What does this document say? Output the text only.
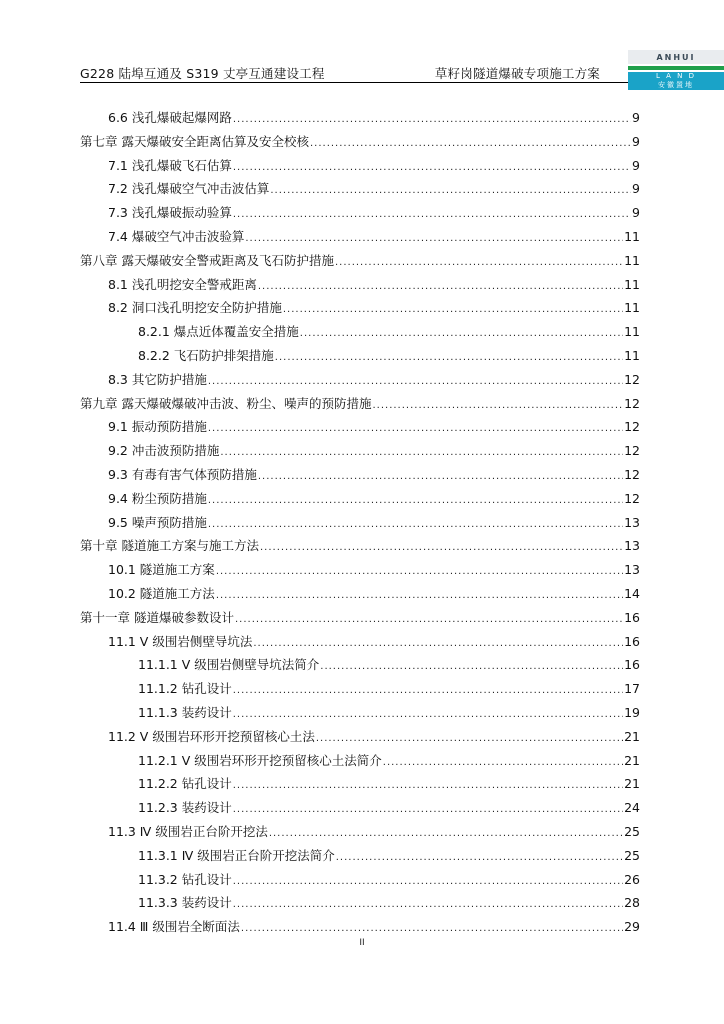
G228 陆埠互通及 S319 丈亭互通建设工程	草籽岗隧道爆破专项施工方案
ANHUI
L A N D
安徽置地
6.6 浅孔爆破起爆网路 .....	9
第七章 露天爆破安全距离估算及安全校核 .....	9
7.1 浅孔爆破飞石估算 .....	9
7.2 浅孔爆破空气冲击波估算 .....	9
7.3 浅孔爆破振动验算 .....	9
7.4 爆破空气冲击波验算 .....	11
第八章 露天爆破安全警戒距离及飞石防护措施 .....	11
8.1 浅孔明挖安全警戒距离 .....	11
8.2 洞口浅孔明挖安全防护措施 .....	11
8.2.1 爆点近体覆盖安全措施 .....	11
8.2.2 飞石防护排架措施 .....	11
8.3 其它防护措施 .....	12
第九章 露天爆破爆破冲击波、粉尘、噪声的预防措施 .....	12
9.1 振动预防措施 .....	12
9.2 冲击波预防措施 .....	12
9.3 有毒有害气体预防措施 .....	12
9.4 粉尘预防措施 .....	12
9.5 噪声预防措施 .....	13
第十章 隧道施工方案与施工方法 .....	13
10.1 隧道施工方案 .....	13
10.2 隧道施工方法 .....	14
第十一章 隧道爆破参数设计 .....	16
11.1 V 级围岩侧壁导坑法 .....	16
11.1.1 V 级围岩侧壁导坑法简介 .....	16
11.1.2 钻孔设计 .....	17
11.1.3 装药设计 .....	19
11.2 V 级围岩环形开挖预留核心土法 .....	21
11.2.1 V 级围岩环形开挖预留核心土法简介 .....	21
11.2.2 钻孔设计 .....	21
11.2.3 装药设计 .....	24
11.3 Ⅳ 级围岩正台阶开挖法 .....	25
11.3.1 Ⅳ 级围岩正台阶开挖法简介 .....	25
11.3.2 钻孔设计 .....	26
11.3.3 装药设计 .....	28
11.4 Ⅲ 级围岩全断面法 .....	29
II
